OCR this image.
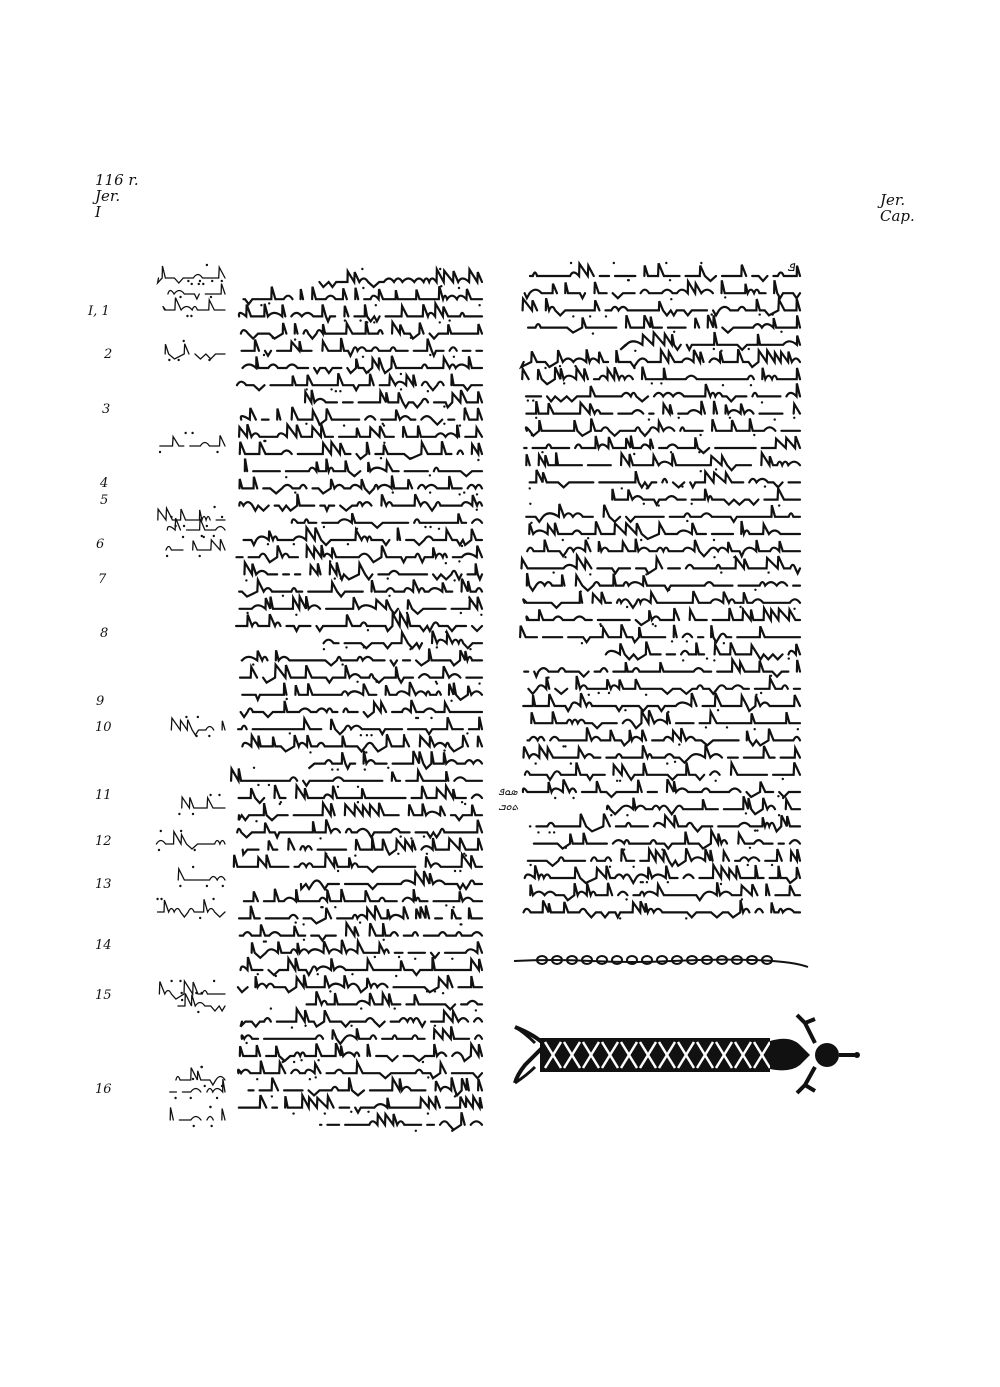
116 r.
Jer.
I
Jer.
Cap.
I, 1
2
3
4
5
6
7
8
9
10
11
12
13
14
15
16
ܦ
ܣܘܦ
ܬܘܒ
